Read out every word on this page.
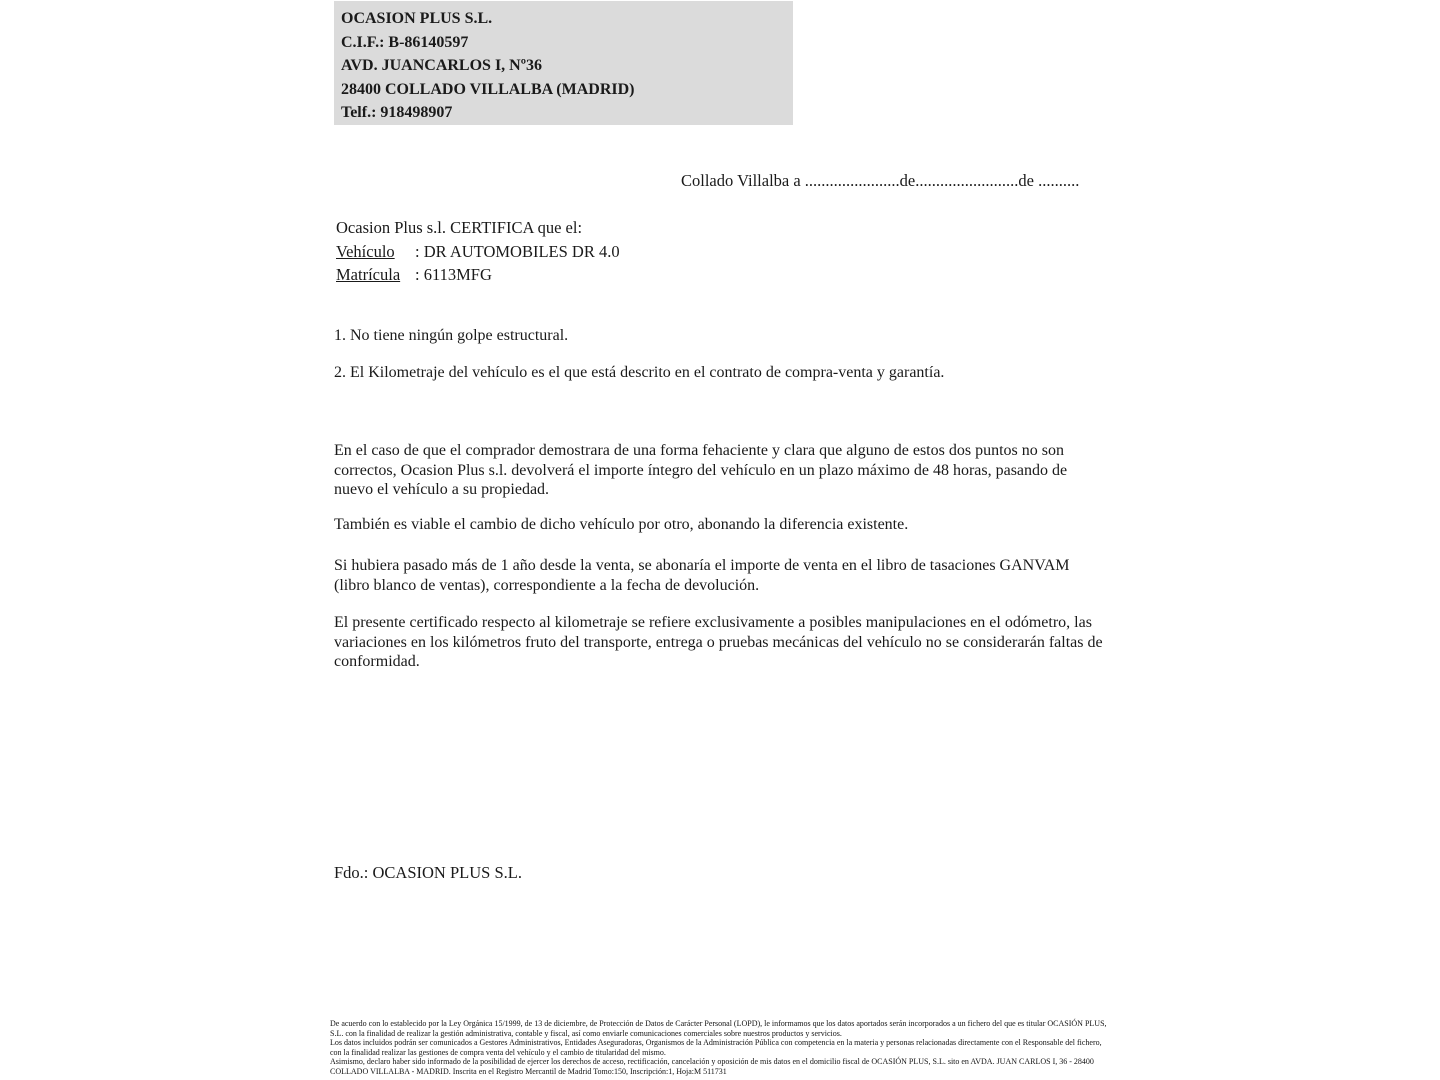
OCASION PLUS S.L.
C.I.F.: B-86140597
AVD. JUANCARLOS I, Nº36
28400 COLLADO VILLALBA (MADRID)
Telf.: 918498907
Collado Villalba a .......................de.........................de ..........
Ocasion Plus s.l. CERTIFICA que el:
Vehículo : DR AUTOMOBILES DR 4.0
Matrícula : 6113MFG
1. No tiene ningún golpe estructural.
2. El Kilometraje del vehículo es el que está descrito en el contrato de compra-venta y garantía.

En el caso de que el comprador demostrara de una forma fehaciente y clara que alguno de estos dos puntos no son correctos, Ocasion Plus s.l. devolverá el importe íntegro del vehículo en un plazo máximo de 48 horas, pasando de nuevo el vehículo a su propiedad.

También es viable el cambio de dicho vehículo por otro, abonando la diferencia existente.

Si hubiera pasado más de 1 año desde la venta, se abonaría el importe de venta en el libro de tasaciones GANVAM (libro blanco de ventas), correspondiente a la fecha de devolución.

El presente certificado respecto al kilometraje se refiere exclusivamente a posibles manipulaciones en el odómetro, las variaciones en los kilómetros fruto del transporte, entrega o pruebas mecánicas del vehículo no se considerarán faltas de conformidad.

Fdo.: OCASION PLUS S.L.

De acuerdo con lo establecido por la Ley Orgánica 15/1999, de 13 de diciembre, de Protección de Datos de Carácter Personal (LOPD), le informamos que los datos aportados serán incorporados a un fichero del que es titular OCASIÓN PLUS, S.L. con la finalidad de realizar la gestión administrativa, contable y fiscal, así como enviarle comunicaciones comerciales sobre nuestros productos y servicios.

Los datos incluidos podrán ser comunicados a Gestores Administrativos, Entidades Aseguradoras, Organismos de la Administración Pública con competencia en la materia y personas relacionadas directamente con el Responsable del fichero, con la finalidad realizar las gestiones de compra venta del vehículo y el cambio de titularidad del mismo.

Asimismo, declaro haber sido informado de la posibilidad de ejercer los derechos de acceso, rectificación, cancelación y oposición de mis datos en el domicilio fiscal de OCASIÓN PLUS, S.L. sito en AVDA. JUAN CARLOS I, 36 - 28400 COLLADO VILLALBA - MADRID. Inscrita en el Registro Mercantil de Madrid Tomo:150, Inscripción:1, Hoja:M 511731
